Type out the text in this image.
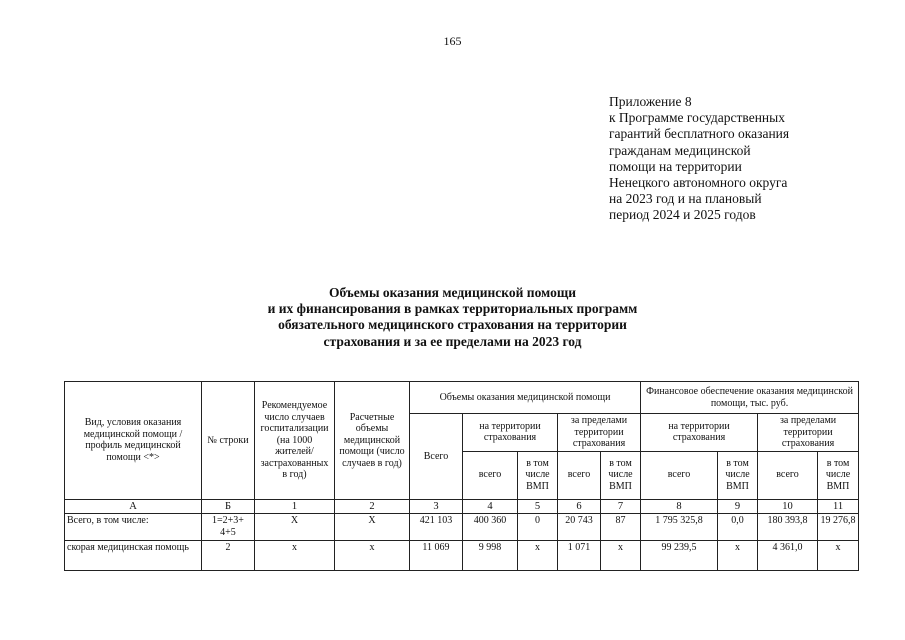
165
Приложение 8
к Программе государственных
гарантий бесплатного оказания
гражданам медицинской
помощи на территории
Ненецкого автономного округа
на 2023 год и на плановый
период 2024 и 2025 годов
Объемы оказания медицинской помощи
и их финансирования в рамках территориальных программ
обязательного медицинского страхования на территории
страхования и за ее пределами на 2023 год
Вид, условия оказания медицинской помощи / профиль медицинской помощи <*>	№ строки	Рекомендуемое число случаев госпитализации (на 1000 жителей/ застрахованных в год)	Расчетные объемы медицинской помощи (число случаев в год)	Объемы оказания медицинской помощи					Финансовое обеспечение оказания медицинской помощи, тыс. руб.			
				Всего	на территории страхования		за пределами территории страхования		на территории страхования		за пределами территории страхования	
					всего	в том числе ВМП	всего	в том числе ВМП	всего	в том числе ВМП	всего	в том числе ВМП
А	Б	1	2	3	4	5	6	7	8	9	10	11
Всего, в том числе:	1=2+3+ 4+5	X	X	421 103	400 360	0	20 743	87	1 795 325,8	0,0	180 393,8	19 276,8
скорая медицинская помощь	2	х	х	11 069	9 998	х	1 071	х	99 239,5	х	4 361,0	х
